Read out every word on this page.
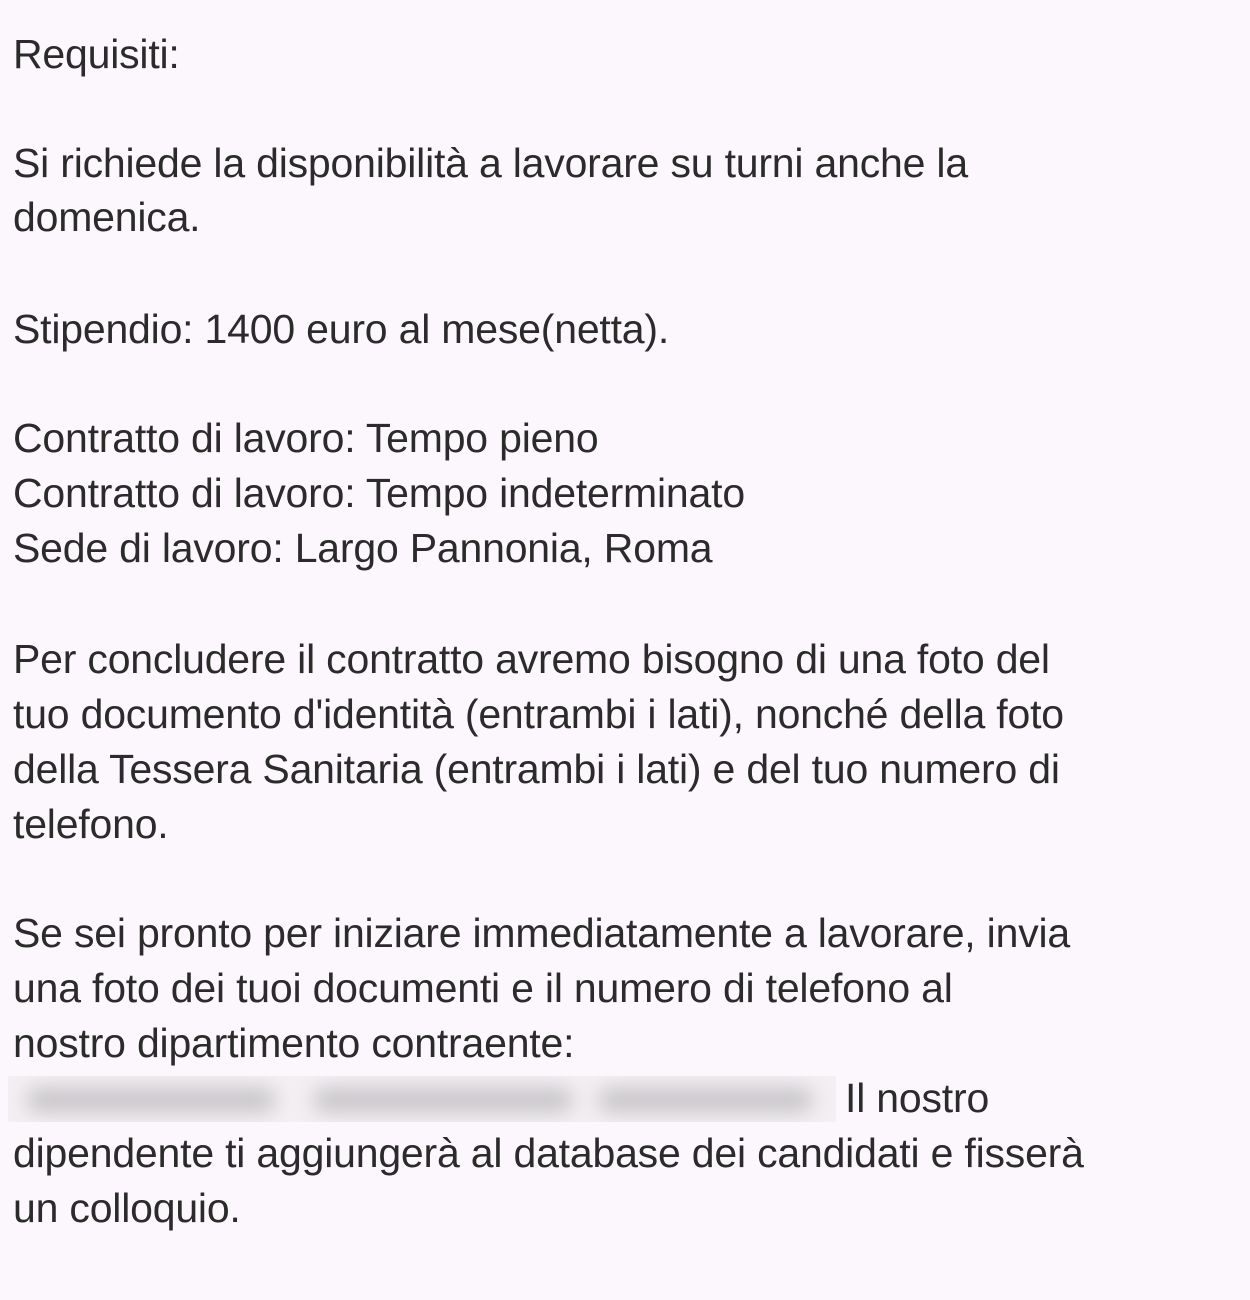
Requisiti:
Si richiede la disponibilità a lavorare su turni anche la
domenica.
Stipendio: 1400 euro al mese(netta).
Contratto di lavoro: Tempo pieno
Contratto di lavoro: Tempo indeterminato
Sede di lavoro: Largo Pannonia, Roma
Per concludere il contratto avremo bisogno di una foto del
tuo documento d'identità (entrambi i lati), nonché della foto
della Tessera Sanitaria (entrambi i lati) e del tuo numero di
telefono.
Se sei pronto per iniziare immediatamente a lavorare, invia
una foto dei tuoi documenti e il numero di telefono al
nostro dipartimento contraente:
Il nostro
dipendente ti aggiungerà al database dei candidati e fisserà
un colloquio.
